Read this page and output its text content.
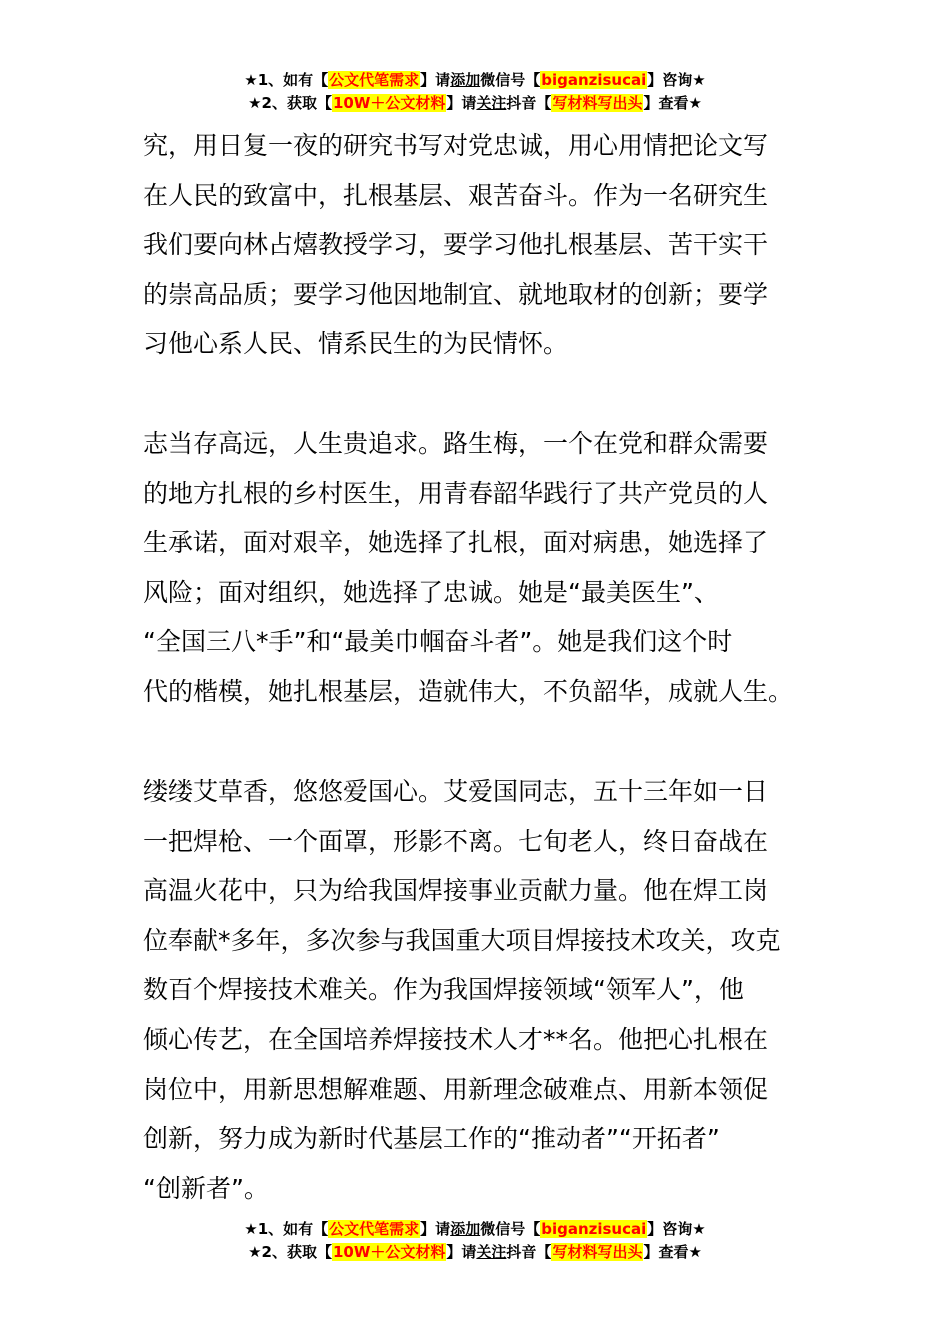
★1、如有【公文代笔需求】请添加微信号【biganzisucai】咨询★
★2、获取【10W＋公文材料】请关注抖音【写材料写出头】查看★
究，用日复一夜的研究书写对党忠诚，用心用情把论文写
在人民的致富中，扎根基层、艰苦奋斗。作为一名研究生
我们要向林占熺教授学习，要学习他扎根基层、苦干实干
的崇高品质；要学习他因地制宜、就地取材的创新；要学
习他心系人民、情系民生的为民情怀。
志当存高远，人生贵追求。路生梅，一个在党和群众需要
的地方扎根的乡村医生，用青春韶华践行了共产党员的人
生承诺，面对艰辛，她选择了扎根，面对病患，她选择了
风险；面对组织，她选择了忠诚。她是“最美医生”、
“全国三八*手”和“最美巾帼奋斗者”。她是我们这个时
代的楷模，她扎根基层，造就伟大，不负韶华，成就人生。
缕缕艾草香，悠悠爱国心。艾爱国同志，五十三年如一日
一把焊枪、一个面罩，形影不离。七旬老人，终日奋战在
高温火花中，只为给我国焊接事业贡献力量。他在焊工岗
位奉献*多年，多次参与我国重大项目焊接技术攻关，攻克
数百个焊接技术难关。作为我国焊接领域“领军人”，他
倾心传艺，在全国培养焊接技术人才**名。他把心扎根在
岗位中，用新思想解难题、用新理念破难点、用新本领促
创新，努力成为新时代基层工作的“推动者”“开拓者”
“创新者”。
★1、如有【公文代笔需求】请添加微信号【biganzisucai】咨询★
★2、获取【10W＋公文材料】请关注抖音【写材料写出头】查看★
